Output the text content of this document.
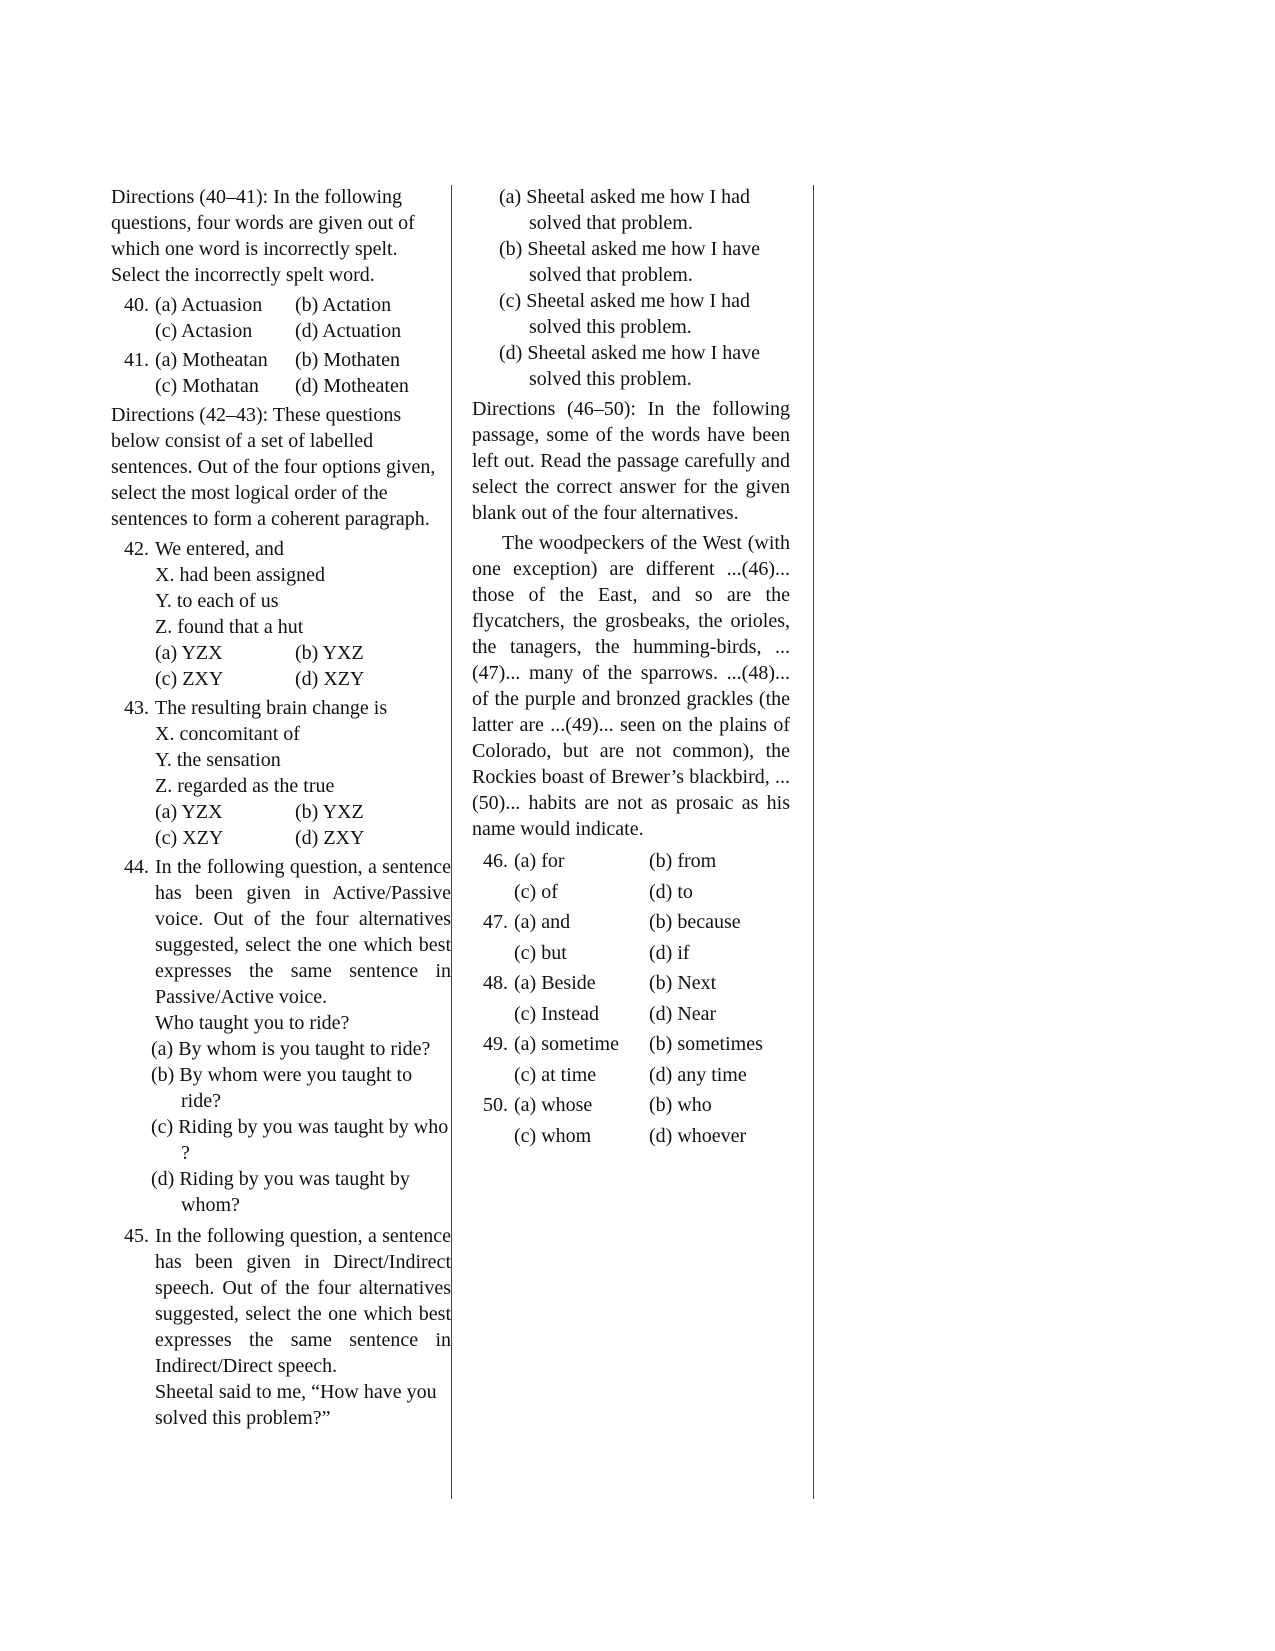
Directions (40–41): In the following questions, four words are given out of which one word is incorrectly spelt. Select the incorrectly spelt word.

40. (a) Actuasion	(b) Actation
(c) Actasion	(d) Actuation
41. (a) Motheatan	(b) Mothaten
(c) Mothatan	(d) Motheaten

Directions (42–43): These questions below consist of a set of labelled sentences. Out of the four options given, select the most logical order of the sentences to form a coherent paragraph.

42. We entered, and
X. had been assigned
Y. to each of us
Z. found that a hut
(a) YZX	(b) YXZ
(c) ZXY	(d) XZY
43. The resulting brain change is
X. concomitant of
Y. the sensation
Z. regarded as the true
(a) YZX	(b) YXZ
(c) XZY	(d) ZXY
44. In the following question, a sentence has been given in Active/Passive voice. Out of the four alternatives suggested, select the one which best expresses the same sentence in Passive/Active voice.
Who taught you to ride?
(a) By whom is you taught to ride?
(b) By whom were you taught to ride?
(c) Riding by you was taught by who ?
(d) Riding by you was taught by whom?
45. In the following question, a sentence has been given in Direct/Indirect speech. Out of the four alternatives suggested, select the one which best expresses the same sentence in Indirect/Direct speech.
Sheetal said to me, “How have you solved this problem?”
(a) Sheetal asked me how I had solved that problem.
(b) Sheetal asked me how I have solved that problem.
(c) Sheetal asked me how I had solved this problem.
(d) Sheetal asked me how I have solved this problem.

Directions (46–50): In the following passage, some of the words have been left out. Read the passage carefully and select the correct answer for the given blank out of the four alternatives.

The woodpeckers of the West (with one exception) are different ...(46)... those of the East, and so are the flycatchers, the grosbeaks, the orioles, the tanagers, the humming-birds, ...(47)... many of the sparrows. ...(48)... of the purple and bronzed grackles (the latter are ...(49)... seen on the plains of Colorado, but are not common), the Rockies boast of Brewer’s blackbird, ...(50)... habits are not as prosaic as his name would indicate.

46. (a) for	(b) from
(c) of	(d) to
47. (a) and	(b) because
(c) but	(d) if
48. (a) Beside	(b) Next
(c) Instead	(d) Near
49. (a) sometime	(b) sometimes
(c) at time	(d) any time
50. (a) whose	(b) who
(c) whom	(d) whoever
